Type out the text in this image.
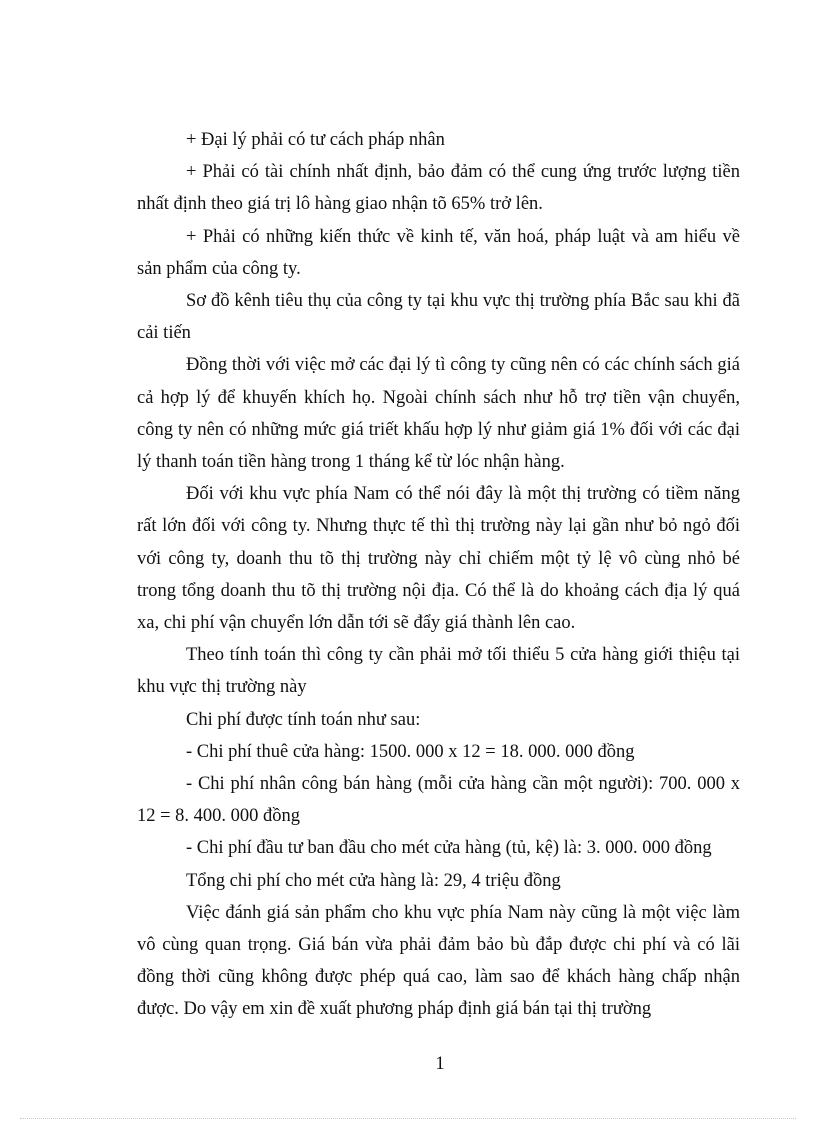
+ Đại lý phải có tư cách pháp nhân

+ Phải có tài chính nhất định, bảo đảm có thể cung ứng trước lượng tiền nhất định theo giá trị lô hàng giao nhận tõ 65% trở lên.

+ Phải có những kiến thức về kinh tế, văn hoá, pháp luật và am hiểu về sản phẩm của công ty.

Sơ đồ kênh tiêu thụ của công ty tại khu vực thị trường phía Bắc sau khi đã cải tiến

Đồng thời với việc mở các đại lý tì công ty cũng nên có các chính sách giá cả hợp lý để khuyến khích họ. Ngoài chính sách như hỗ trợ tiền vận chuyển, công ty nên có những mức giá triết khấu hợp lý như giảm giá 1% đối với các đại lý thanh toán tiền hàng trong 1 tháng kể từ lóc nhận hàng.

Đối với khu vực phía Nam có thể nói đây là một thị trường có tiềm năng rất lớn đối với công ty. Nhưng thực tế thì thị trường này lại gần như bỏ ngỏ đối với công ty, doanh thu tõ thị trường này chỉ chiếm một tỷ lệ vô cùng nhỏ bé trong tổng doanh thu tõ thị trường nội địa. Có thể là do khoảng cách địa lý quá xa, chi phí vận chuyển lớn dẫn tới sẽ đẩy giá thành lên cao.

Theo tính toán thì công ty cần phải mở tối thiểu 5 cửa hàng giới thiệu tại khu vực thị trường này

Chi phí được tính toán như sau:

- Chi phí thuê cửa hàng: 1500. 000 x 12 = 18. 000. 000 đồng

- Chi phí nhân công bán hàng (mỗi cửa hàng cần một người): 700. 000 x 12 = 8. 400. 000 đồng

- Chi phí đầu tư ban đầu cho mét cửa hàng (tủ, kệ) là: 3. 000. 000 đồng

Tổng chi phí cho mét cửa hàng là: 29, 4 triệu đồng

Việc đánh giá sản phẩm cho khu vực phía Nam này cũng là một việc làm vô cùng quan trọng. Giá bán vừa phải đảm bảo bù đắp được chi phí và có lãi đồng thời cũng không được phép quá cao, làm sao để khách hàng chấp nhận được. Do vậy em xin đề xuất phương pháp định giá bán tại thị trường

1
